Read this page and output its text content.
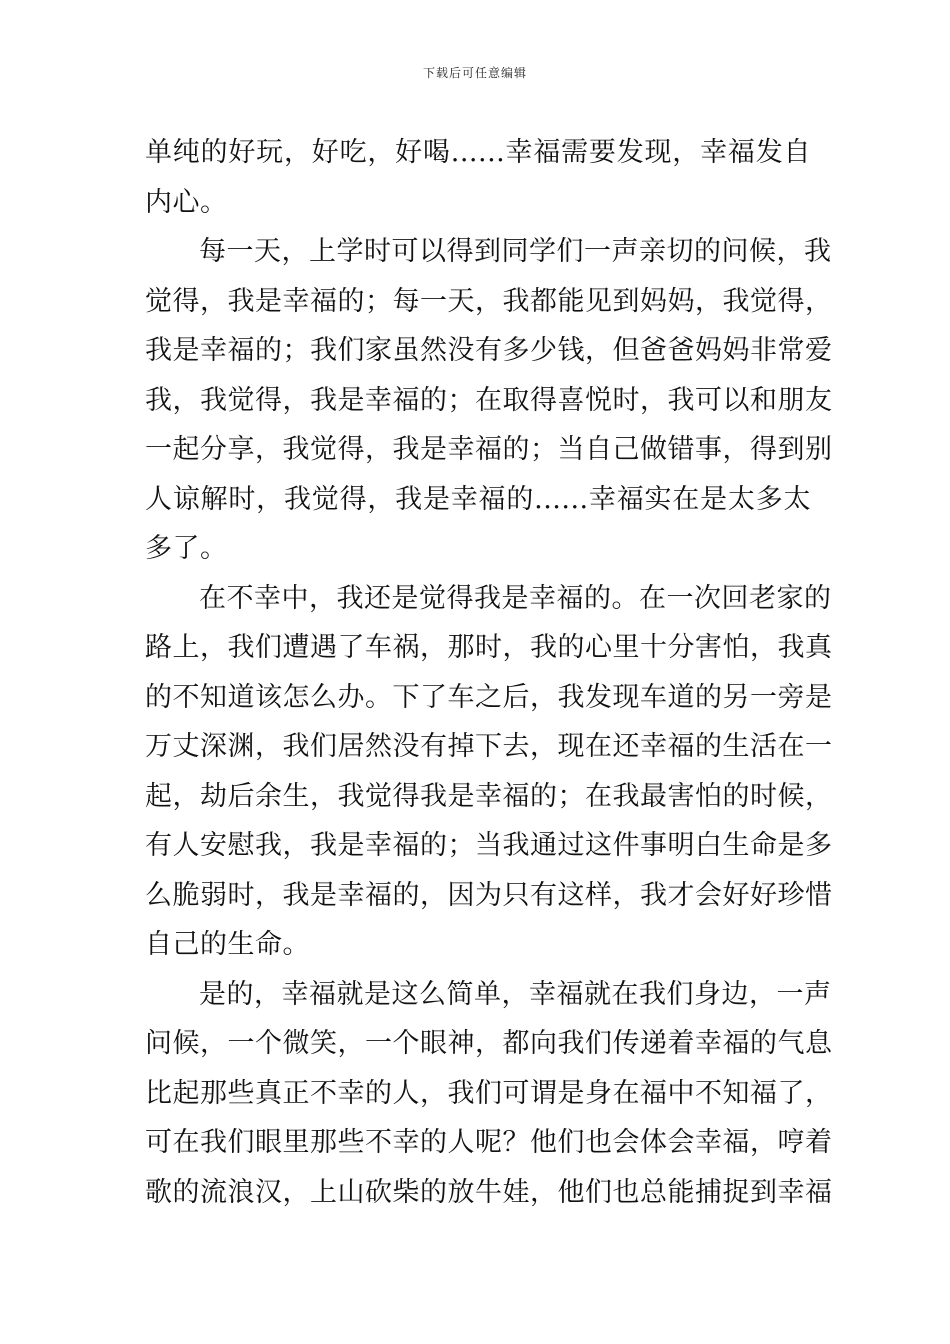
下载后可任意编辑
单纯的好玩，好吃，好喝......幸福需要发现，幸福发自
内心。
每一天，上学时可以得到同学们一声亲切的问候，我
觉得，我是幸福的；每一天，我都能见到妈妈，我觉得，
我是幸福的；我们家虽然没有多少钱，但爸爸妈妈非常爱
我，我觉得，我是幸福的；在取得喜悦时，我可以和朋友
一起分享，我觉得，我是幸福的；当自己做错事，得到别
人谅解时，我觉得，我是幸福的......幸福实在是太多太
多了。
在不幸中，我还是觉得我是幸福的。在一次回老家的
路上，我们遭遇了车祸，那时，我的心里十分害怕，我真
的不知道该怎么办。下了车之后，我发现车道的另一旁是
万丈深渊，我们居然没有掉下去，现在还幸福的生活在一
起，劫后余生，我觉得我是幸福的；在我最害怕的时候，
有人安慰我，我是幸福的；当我通过这件事明白生命是多
么脆弱时，我是幸福的，因为只有这样，我才会好好珍惜
自己的生命。
是的，幸福就是这么简单，幸福就在我们身边，一声
问候，一个微笑，一个眼神，都向我们传递着幸福的气息
比起那些真正不幸的人，我们可谓是身在福中不知福了，
可在我们眼里那些不幸的人呢？他们也会体会幸福，哼着
歌的流浪汉，上山砍柴的放牛娃，他们也总能捕捉到幸福
